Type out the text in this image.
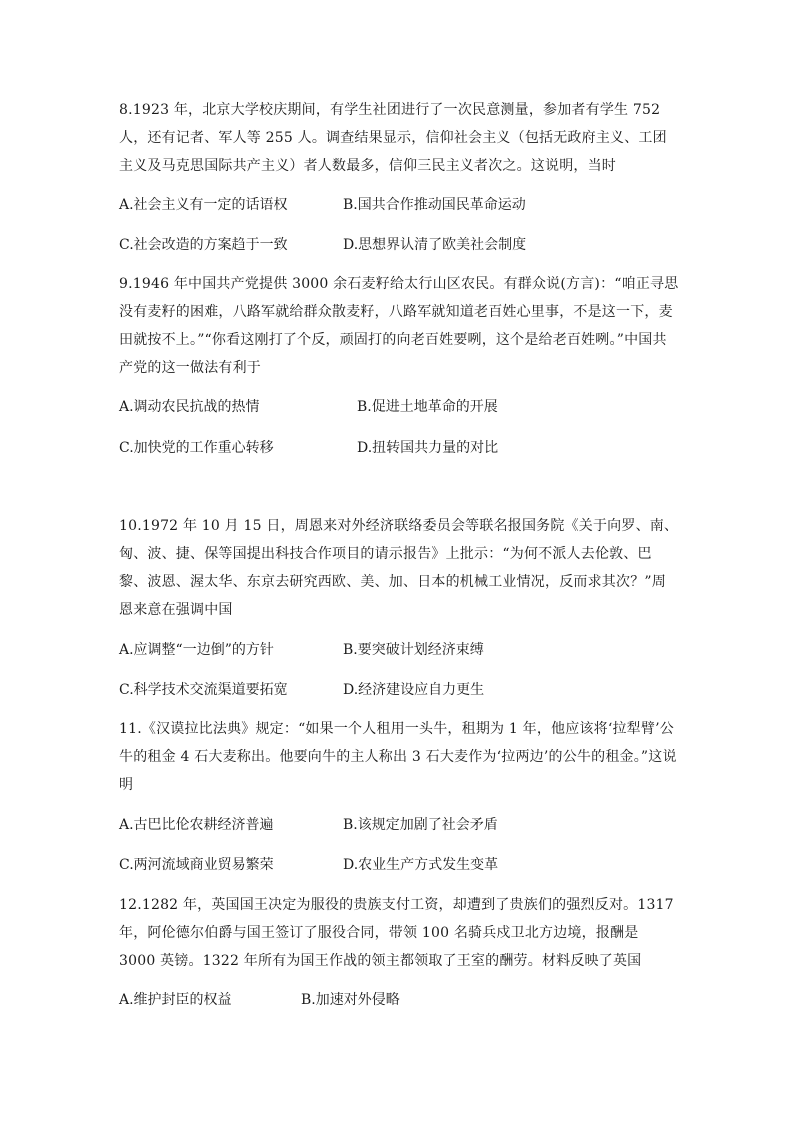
8.1923 年，北京大学校庆期间，有学生社团进行了一次民意测量，参加者有学生 752 人，还有记者、军人等 255 人。调查结果显示，信仰社会主义（包括无政府主义、工团主义及马克思国际共产主义）者人数最多，信仰三民主义者次之。这说明，当时

A.社会主义有一定的话语权	B.国共合作推动国民革命运动
C.社会改造的方案趋于一致	D.思想界认清了欧美社会制度

9.1946 年中国共产党提供 3000 余石麦籽给太行山区农民。有群众说(方言)：“咱正寻思没有麦籽的困难，八路军就给群众散麦籽，八路军就知道老百姓心里事，不是这一下，麦田就按不上。”“你看这刚打了个反，顽固打的向老百姓要咧，这个是给老百姓咧。”中国共产党的这一做法有利于

A.调动农民抗战的热情	B.促进土地革命的开展
C.加快党的工作重心转移	D.扭转国共力量的对比

10.1972 年 10 月 15 日，周恩来对外经济联络委员会等联名报国务院《关于向罗、南、匈、波、捷、保等国提出科技合作项目的请示报告》上批示：“为何不派人去伦敦、巴黎、波恩、渥太华、东京去研究西欧、美、加、日本的机械工业情况，反而求其次？”周恩来意在强调中国

A.应调整“一边倒”的方针	B.要突破计划经济束缚
C.科学技术交流渠道要拓宽	D.经济建设应自力更生

11.《汉谟拉比法典》规定：“如果一个人租用一头牛，租期为 1 年，他应该将‘拉犁臂’公牛的租金 4 石大麦称出。他要向牛的主人称出 3 石大麦作为‘拉两边’的公牛的租金。”这说明

A.古巴比伦农耕经济普遍	B.该规定加剧了社会矛盾
C.两河流域商业贸易繁荣	D.农业生产方式发生变革

12.1282 年，英国国王决定为服役的贵族支付工资，却遭到了贵族们的强烈反对。1317 年，阿伦德尔伯爵与国王签订了服役合同，带领 100 名骑兵戍卫北方边境，报酬是 3000 英镑。1322 年所有为国王作战的领主都领取了王室的酬劳。材料反映了英国

A.维护封臣的权益	B.加速对外侵略
